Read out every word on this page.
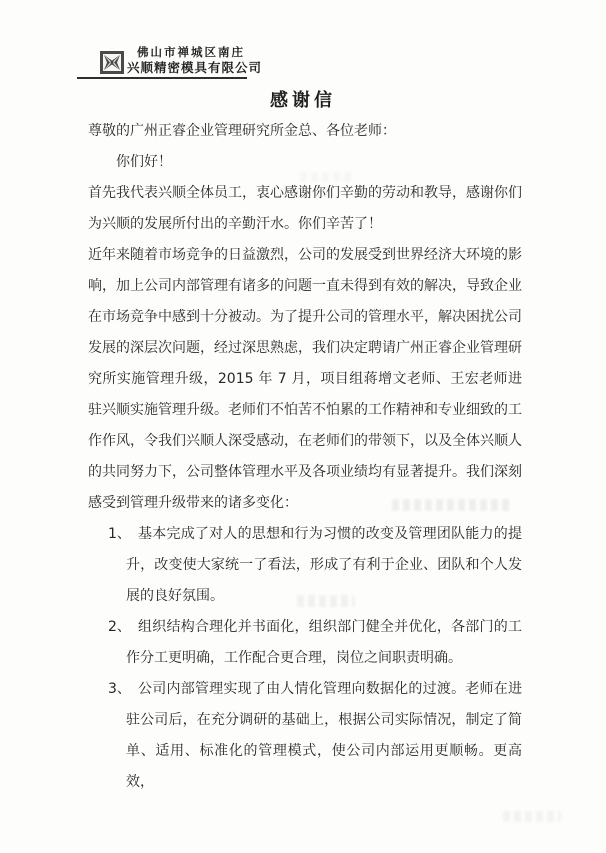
佛山市禅城区南庄
兴顺精密模具有限公司
感谢信

尊敬的广州正睿企业管理研究所金总、各位老师：

你们好！

首先我代表兴顺全体员工，衷心感谢你们辛勤的劳动和教导，感谢你们为兴顺的发展所付出的辛勤汗水。你们辛苦了！

近年来随着市场竞争的日益激烈，公司的发展受到世界经济大环境的影响，加上公司内部管理有诸多的问题一直未得到有效的解决，导致企业在市场竞争中感到十分被动。为了提升公司的管理水平，解决困扰公司发展的深层次问题，经过深思熟虑，我们决定聘请广州正睿企业管理研究所实施管理升级，2015 年 7 月，项目组蒋增文老师、王宏老师进驻兴顺实施管理升级。老师们不怕苦不怕累的工作精神和专业细致的工作作风，令我们兴顺人深受感动，在老师们的带领下，以及全体兴顺人的共同努力下，公司整体管理水平及各项业绩均有显著提升。我们深刻感受到管理升级带来的诸多变化：

1、 基本完成了对人的思想和行为习惯的改变及管理团队能力的提升，改变使大家统一了看法，形成了有利于企业、团队和个人发展的良好氛围。
2、 组织结构合理化并书面化，组织部门健全并优化，各部门的工作分工更明确，工作配合更合理，岗位之间职责明确。
3、 公司内部管理实现了由人情化管理向数据化的过渡。老师在进驻公司后，在充分调研的基础上，根据公司实际情况，制定了简单、适用、标准化的管理模式，使公司内部运用更顺畅。更高效，
